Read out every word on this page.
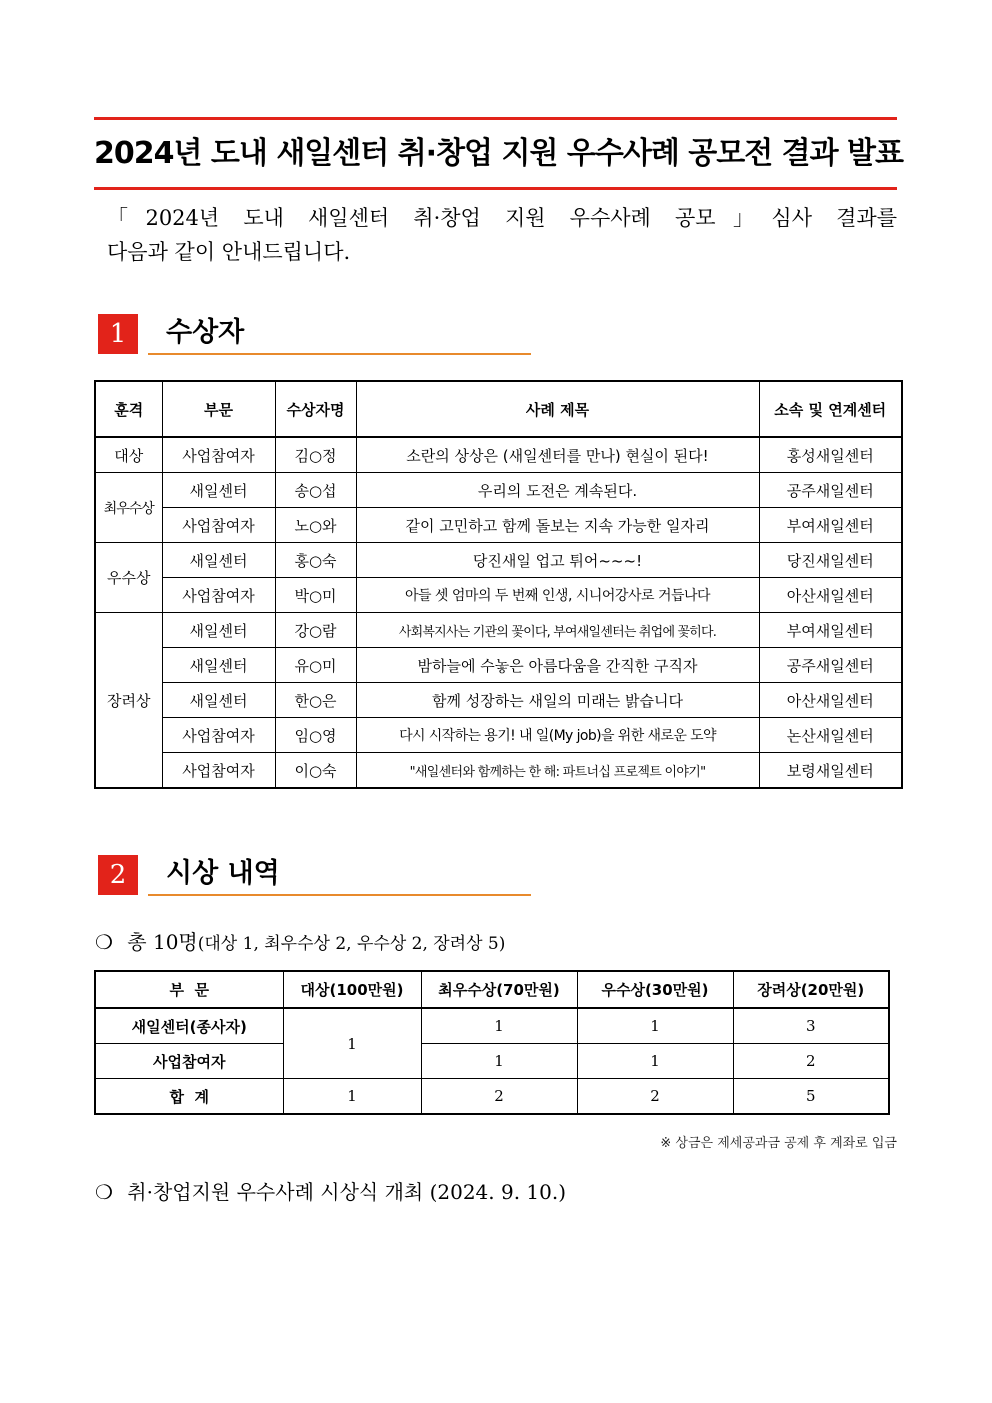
2024년 도내 새일센터 취·창업 지원 우수사례 공모전 결과 발표
「2024년 도내 새일센터 취·창업 지원 우수사례 공모」심사 결과를
다음과 같이 안내드립니다.
1	수상자
훈격	부문	수상자명	사례 제목	소속 및 연계센터
대상	사업참여자	김○정	소란의 상상은 (새일센터를 만나) 현실이 된다!	홍성새일센터
최우수상	새일센터	송○섭	우리의 도전은 계속된다.	공주새일센터
	사업참여자	노○와	같이 고민하고 함께 돌보는 지속 가능한 일자리	부여새일센터
우수상	새일센터	홍○숙	당진새일 업고 튀어~~~!	당진새일센터
	사업참여자	박○미	아들 셋 엄마의 두 번째 인생, 시니어강사로 거듭나다	아산새일센터
장려상	새일센터	강○람	사회복지사는 기관의 꽃이다, 부여새일센터는 취업에 꽃히다.	부여새일센터
	새일센터	유○미	밤하늘에 수놓은 아름다움을 간직한 구직자	공주새일센터
	새일센터	한○은	함께 성장하는 새일의 미래는 밝습니다	아산새일센터
	사업참여자	임○영	다시 시작하는 용기! 내 일(My job)을 위한 새로운 도약	논산새일센터
	사업참여자	이○숙	"새일센터와 함께하는 한 해: 파트너십 프로젝트 이야기"	보령새일센터
2	시상 내역
❍ 총 10명(대상 1, 최우수상 2, 우수상 2, 장려상 5)
부  문	대상(100만원)	최우수상(70만원)	우수상(30만원)	장려상(20만원)
새일센터(종사자)	1	1	1	3
사업참여자		1	1	2
합  계	1	2	2	5
※ 상금은 제세공과금 공제 후 계좌로 입금
❍ 취·창업지원 우수사례 시상식 개최 (2024. 9. 10.)
